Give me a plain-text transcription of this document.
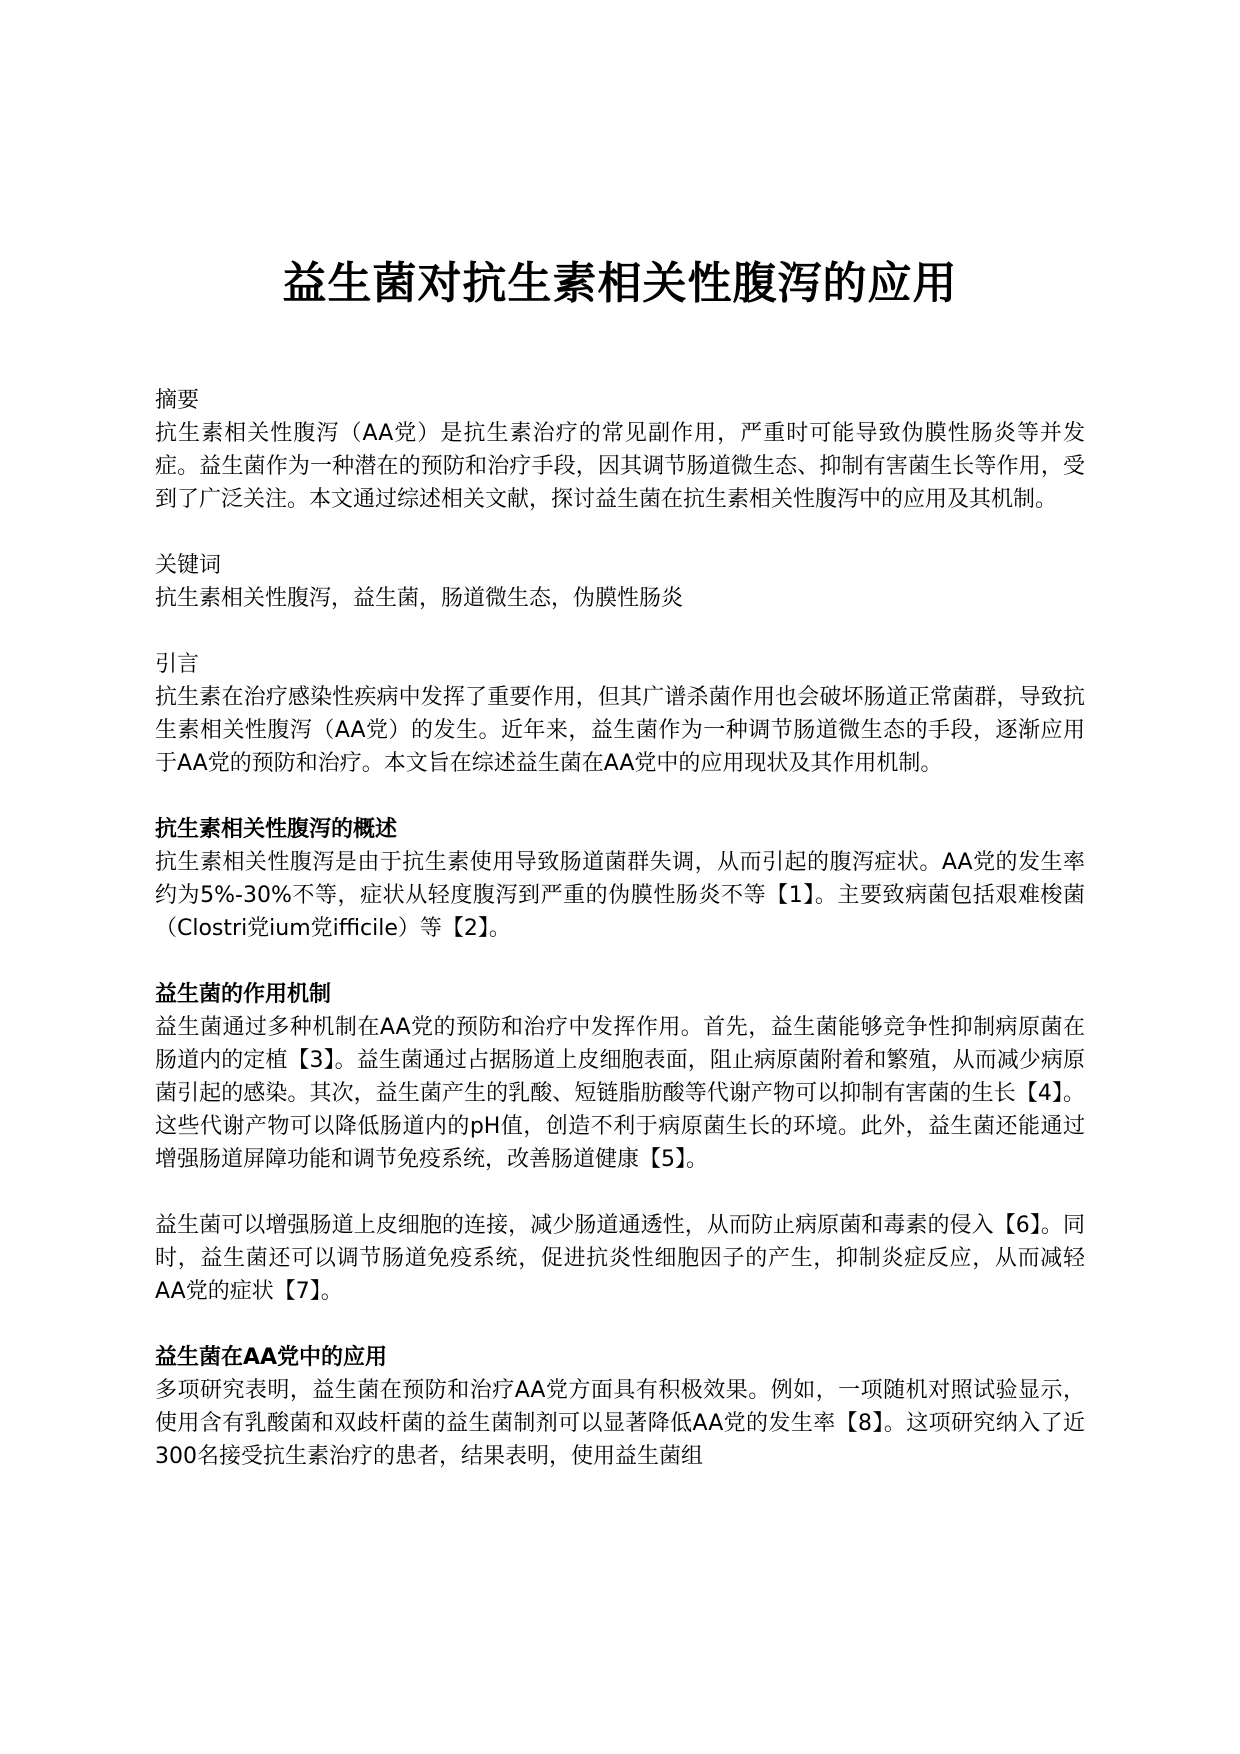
益生菌对抗生素相关性腹泻的应用
摘要

抗生素相关性腹泻（AA党）是抗生素治疗的常见副作用，严重时可能导致伪膜性肠炎等并发症。益生菌作为一种潜在的预防和治疗手段，因其调节肠道微生态、抑制有害菌生长等作用，受到了广泛关注。本文通过综述相关文献，探讨益生菌在抗生素相关性腹泻中的应用及其机制。

关键词

抗生素相关性腹泻，益生菌，肠道微生态，伪膜性肠炎

引言

抗生素在治疗感染性疾病中发挥了重要作用，但其广谱杀菌作用也会破坏肠道正常菌群，导致抗生素相关性腹泻（AA党）的发生。近年来，益生菌作为一种调节肠道微生态的手段，逐渐应用于AA党的预防和治疗。本文旨在综述益生菌在AA党中的应用现状及其作用机制。

抗生素相关性腹泻的概述

抗生素相关性腹泻是由于抗生素使用导致肠道菌群失调，从而引起的腹泻症状。AA党的发生率约为5%-30%不等，症状从轻度腹泻到严重的伪膜性肠炎不等【1】。主要致病菌包括艰难梭菌（Clostri党ium党ifficile）等【2】。

益生菌的作用机制

益生菌通过多种机制在AA党的预防和治疗中发挥作用。首先，益生菌能够竞争性抑制病原菌在肠道内的定植【3】。益生菌通过占据肠道上皮细胞表面，阻止病原菌附着和繁殖，从而减少病原菌引起的感染。其次，益生菌产生的乳酸、短链脂肪酸等代谢产物可以抑制有害菌的生长【4】。这些代谢产物可以降低肠道内的pH值，创造不利于病原菌生长的环境。此外，益生菌还能通过增强肠道屏障功能和调节免疫系统，改善肠道健康【5】。

益生菌可以增强肠道上皮细胞的连接，减少肠道通透性，从而防止病原菌和毒素的侵入【6】。同时，益生菌还可以调节肠道免疫系统，促进抗炎性细胞因子的产生，抑制炎症反应，从而减轻AA党的症状【7】。

益生菌在AA党中的应用

多项研究表明，益生菌在预防和治疗AA党方面具有积极效果。例如，一项随机对照试验显示，使用含有乳酸菌和双歧杆菌的益生菌制剂可以显著降低AA党的发生率【8】。这项研究纳入了近300名接受抗生素治疗的患者，结果表明，使用益生菌组
